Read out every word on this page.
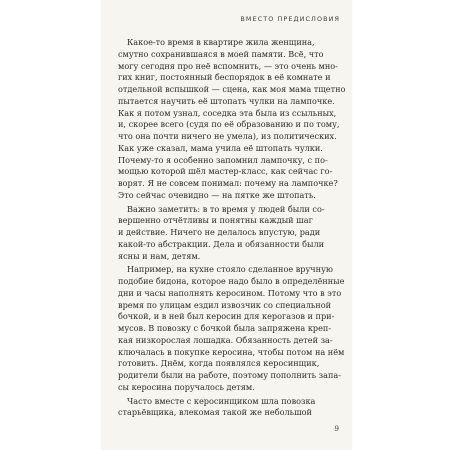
ВМЕСТО ПРЕДИСЛОВИЯ
Какое-то время в квартире жила женщина,
смутно сохранившаяся в моей памяти. Всё, что
могу сегодня про неё вспомнить, — это очень мно-
гих книг, постоянный беспорядок в её комнате и
отдельной вспышкой — сцена, как моя мама тщетно
пытается научить её штопать чулки на лампочке.
Как я потом узнал, соседка эта была из ссыльных,
и, скорее всего (судя по её образованию и по тому,
что она почти ничего не умела), из политических.
Как уже сказал, мама учила её штопать чулки.
Почему-то я особенно запомнил лампочку, с по-
мощью которой шёл мастер-класс, как сейчас го-
ворят. Я не совсем понимал: почему на лампочке?
Это сейчас очевидно — на пятке же штопать.
Важно заметить: в то время у людей были со-
вершенно отчётливы и понятны каждый шаг
и действие. Ничего не делалось впустую, ради
какой-то абстракции. Дела и обязанности были
ясны и нам, детям.
Например, на кухне стояло сделанное вручную
подобие бидона, которое надо было в определённые
дни и часы наполнять керосином. Потому что в это
время по улицам ездил извозчик со специальной
бочкой, и в ней был керосин для керогазов и при-
мусов. В повозку с бочкой была запряжена креп-
кая низкорослая лошадка. Обязанность детей за-
ключалась в покупке керосина, чтобы потом на нём
готовить. Днём, когда появлялся керосинщик,
родители были на работе, поэтому пополнить запа-
сы керосина поручалось детям.
Часто вместе с керосинщиком шла повозка
старьёвщика, влекомая такой же небольшой
9
